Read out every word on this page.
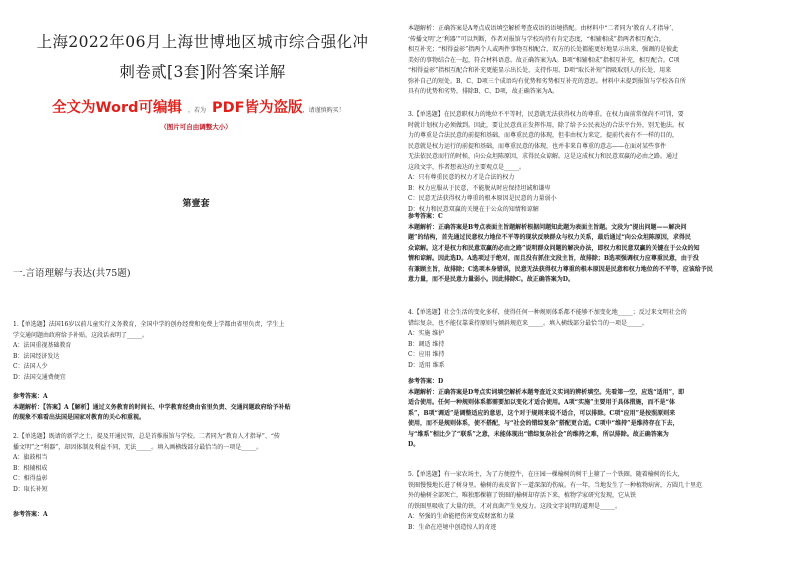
上海2022年06月上海世博地区城市综合强化冲
刺卷贰[3套]附答案详解
全文为Word可编辑 ，若为 PDF皆为盗版，请谨慎购买！
（图片可自由调整大小）
第壹套
一.言语理解与表达(共75题)

1.【单选题】法国16岁以前儿童实行义务教育，全国中学的创办经费和免费上学都由省里负责，学生上

学交通问题由政府给予补贴。这段话表明了_____。

A：法国重视基础教育

B：法国经济发达

C：法国人少

D：法国交通费便宜

参考答案：A

本题解析：【答案】A【解析】通过义务教育的时间长、中学教育经费由省里负责、交通问题政府给予补贴

的现象不难看出法国是国家对教育的关心和重视。

2.【单选题】既请的新学之士，提及开通民智，总是首推报馆与学校。二者同为“教育人才指导”、“传

播文明”之“利器”，却因体制及利益不同，无法_____。填入画横线部分最恰当的一项是_____。

A：旗鼓相当

B：相辅相成

C：相得益彰

D：取长补短

参考答案：A

本题解析：正确答案是A考点成语填空解析考查成语的语境搭配。由材料中“二者同为‘教育人才指导’、

‘传播文明’之‘利器’”可以判断，作者对报馆与学校均持有肯定态度，“相辅相成”指两者相互配合，

相互补充；“相得益彰”指两个人或两件事物互相配合，双方的长处都能更好地显示出来，强调的是彼此

美好的事物结合在一起，符合材料语意。故正确答案为A。B项“相辅相成”指相互补充，相互配合。C项

“相得益彰”指相互配合和补充更能显示出长处，支持作用。D项“取长补短”指吸取别人的长处，用来

弥补自己的短处。B、C、D项三个成语均有优势和劣势相互补充的意思。材料中未提到报馆与学校各自所

具有的优势和劣势，排除B、C、D项，故正确答案为A。

3.【单选题】在民意职权力的地位不平等时，民意就无法获得权力的尊重。在权力面前常保尚不可罚，要

时就计划权力必须做到。因此，要让民意真正发挥作用，除了给予公民表达的合法平台外，别无他法。权

力的尊重是合法民意的前提和基础，而尊重民意的体现，但非由权力来定，提前代表有不一样的目的，

民意就是权力运行的前提和基础，而尊重民意的体现，也并非来自尊重的意志——在面对某些事件

无法依民意而行的时候，向公众坦陈原因，求得民众谅解。这是这成权力和民意双赢的必由之路。通过

这段文字，作者想表达的主要观点是_____。

A：只有尊重民意的权力才是合法的权力

B：权力应服从于民意，不能脱从时应保持坦诚和谦卑

C：民意无法获得权力尊重的根本原因是民意的力量弱小

D：权力和民意双赢的关键在于公众的知情和谅解

参考答案：C

本题解析：正确答案是B考点表面主旨题解析根据问题知此题为表面主旨题。文段为“提出问题——解决问

题”的结构，首先通过民意权力地位不平等的现状反映群众与权力关系，最后通过“向公众坦陈原因，求得民

众谅解。这才是权力和民意双赢的必由之路”说明群众问题的解决办法，即权力和民意双赢的关键在于公众的知

情和谅解。因此选D。A选项过于绝对，而且没有抓住文段主旨，故排除；B选项强调权力应尊重民意，由于没

有兼顾主旨，故排除；C选项本身错误，民意无法获得权力尊重的根本原因是民意和权力地位的不平等，应该给予民

意力量，而不是民意力量弱小。因此排除C。故正确答案为D。

4.【单选题】社会生活的变化多样，使得任何一种规则体系都不能够不加变化地_____；反过来文明社会的

错综复杂，也不能仅靠秉持原则与倾斜规范来_____。填入横线部分最恰当的一项是_____。

A：实施 维护

B：调适 维持

C：应用 维持

D：适用 维系

参考答案：D

本题解析：正确答案是D考点实词填空解析本题考查近义实词的辨析填空。先看第一空，应选“适用”，即

适合使用。任何一种规则体系都需要加以变化才适合使用。A项“实施”主要用于具体措施，而不是“体

系”，B项“调适”是调整适应的意思，这个对于规则来说不适合，可以排除。C项“应用”是按照原则来

使用，而不是规则体系，使不搭配，与“社会的错综复杂”搭配更合适。C项中“维持”是维持存在下去，

与“维系”相比少了“联系”之意，未能体现出“错综复杂社会”的维持之难，所以排除。故正确答案为

D。

5.【单选题】有一家农场主，为了方便控牛，在庄园一棵榆树的树干上箍了一个铁圈。随着榆树的长大，

铁圈慢慢地长进了树身里。榆树的表皮留下一道深深的伤痕。有一年，当地发生了一种植物病害，方圆几十里范

外的榆树全部死亡，唯独那棵箍了铁圈的榆树却存活下来，植物学家研究发现，它从铁

的铁圈里吸收了大量的铁，才对真菌产生免疫力。这段文字说明的道理是_____。

A：坚强的生命能把伤害变成财富和力量

B：生命在逆境中创造惊人的奇迹
